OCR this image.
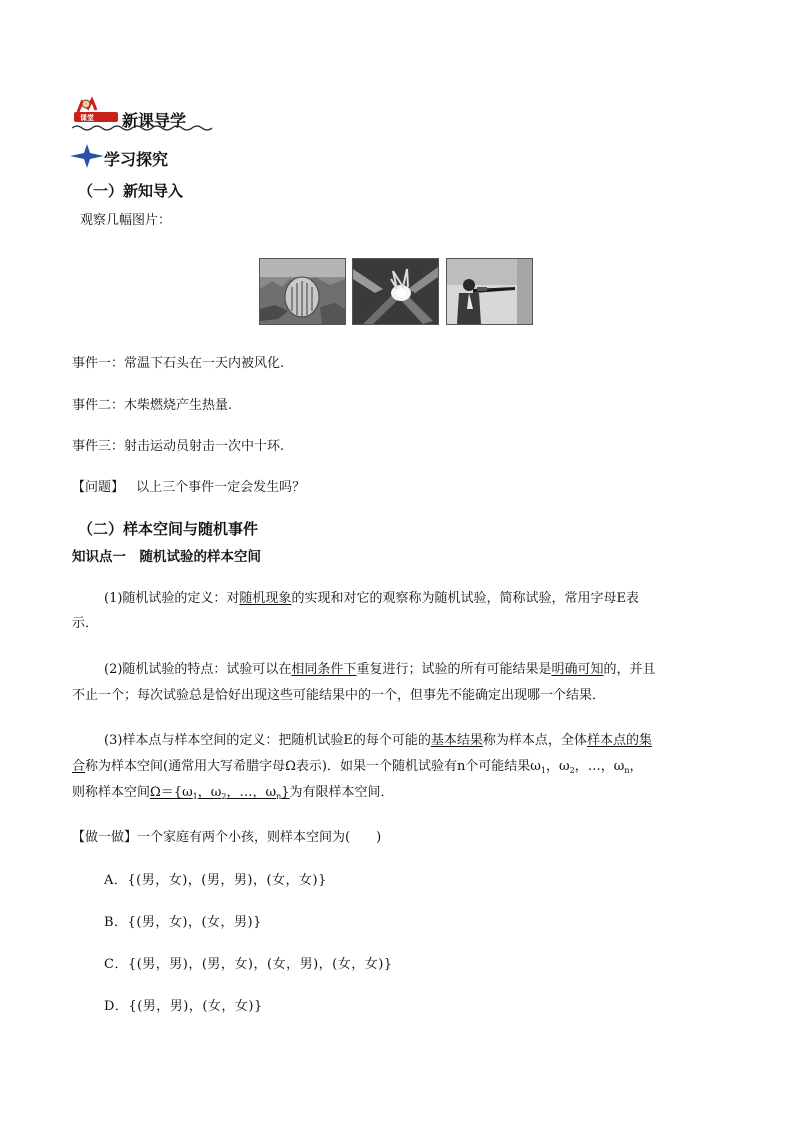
课堂 新课导学
学习探究
（一）新知导入
观察几幅图片：
事件一：常温下石头在一天内被风化.
事件二：木柴燃烧产生热量.
事件三：射击运动员射击一次中十环.
【问题】 以上三个事件一定会发生吗？
（二）样本空间与随机事件
知识点一　随机试验的样本空间
(1)随机试验的定义：对随机现象的实现和对它的观察称为随机试验，简称试验，常用字母E表
示．
(2)随机试验的特点：试验可以在相同条件下重复进行；试验的所有可能结果是明确可知的，并且
不止一个；每次试验总是恰好出现这些可能结果中的一个，但事先不能确定出现哪一个结果．
(3)样本点与样本空间的定义：把随机试验E的每个可能的基本结果称为样本点，全体样本点的集
合称为样本空间(通常用大写希腊字母Ω表示)．如果一个随机试验有n个可能结果$\omega_1$，$\omega_2$，…，$\omega_n$，
则称样本空间$\Omega=\{\omega_1$，$\omega_2$，…，$\omega_n$}为有限样本空间．
【做一做】一个家庭有两个小孩，则样本空间为(　　)
A．{(男，女)，(男，男)，(女，女)}
B．{(男，女)，(女，男)}
C．{(男，男)，(男，女)，(女，男)，(女，女)}
D．{(男，男)，(女，女)}
